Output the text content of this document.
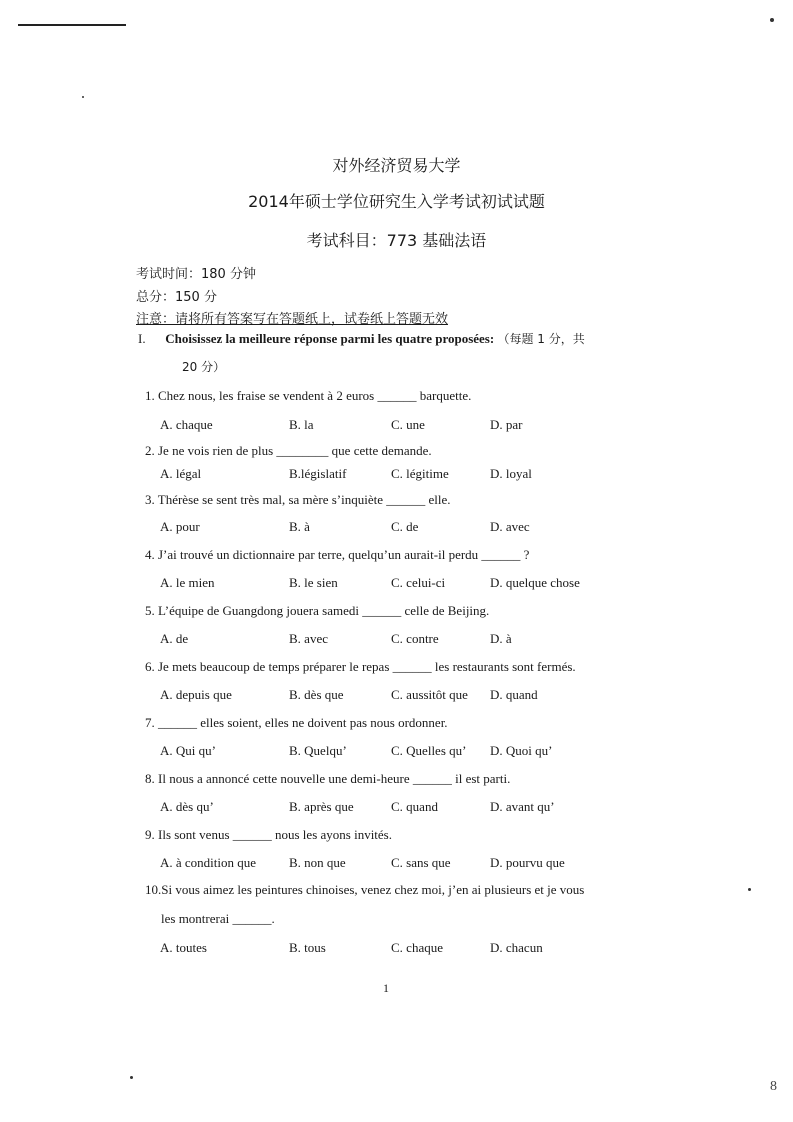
对外经济贸易大学
2014年硕士学位研究生入学考试初试试题
考试科目：773 基础法语
考试时间：180 分钟
总分：150 分
注意：请将所有答案写在答题纸上，试卷纸上答题无效
I. Choisissez la meilleure réponse parmi les quatre proposées: （每题 1 分，共
20 分）
1. Chez nous, les fraise se vendent à 2 euros ______ barquette.
A. chaque	B. la	C. une	D. par
2. Je ne vois rien de plus ________ que cette demande.
A. légal	B.législatif	C. légitime	D. loyal
3. Thérèse se sent très mal, sa mère s’inquiète ______ elle.
A. pour	B. à	C. de	D. avec
4. J’ai trouvé un dictionnaire par terre, quelqu’un aurait-il perdu ______ ?
A. le mien	B. le sien	C. celui-ci	D. quelque chose
5. L’équipe de Guangdong jouera samedi ______ celle de Beijing.
A. de	B. avec	C. contre	D. à
6. Je mets beaucoup de temps préparer le repas ______ les restaurants sont fermés.
A. depuis que	B. dès que	C. aussitôt que D. quand
7. ______ elles soient, elles ne doivent pas nous ordonner.
A. Qui qu’	B. Quelqu’	C. Quelles qu’ D. Quoi qu’
8. Il nous a annoncé cette nouvelle une demi-heure ______ il est parti.
A. dès qu’	B. après que	C. quand	D. avant qu’
9. Ils sont venus ______ nous les ayons invités.
A. à condition que	B. non que	C. sans que	D. pourvu que
10.Si vous aimez les peintures chinoises, venez chez moi, j’en ai plusieurs et je vous
les montrerai ______.
A. toutes	B. tous	C. chaque	D. chacun
1
8
